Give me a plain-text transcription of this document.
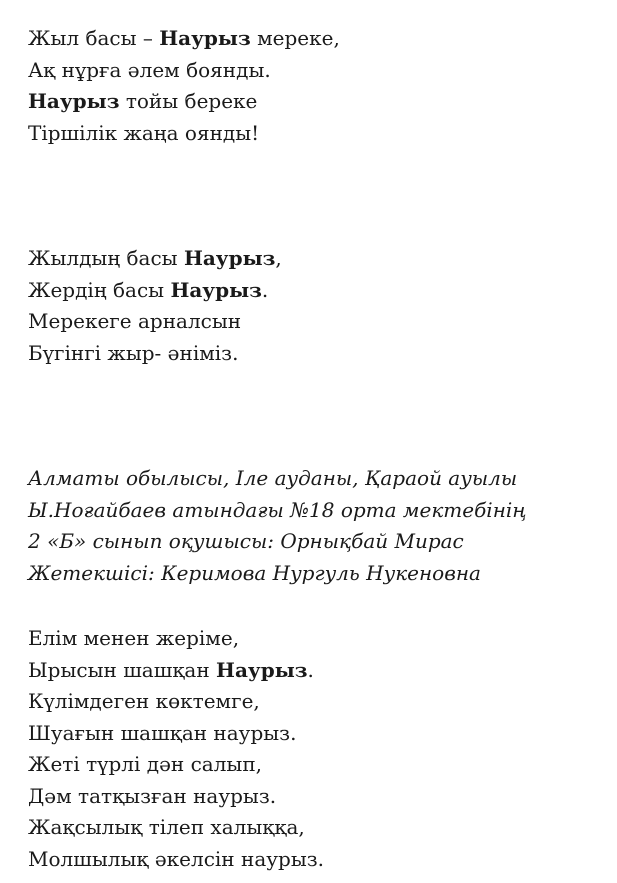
Жыл басы – Наурыз мереке,
Ақ нұрға әлем боянды.
Наурыз тойы береке
Тіршілік жаңа оянды!
Жылдың басы Наурыз,
Жердің басы Наурыз.
Мерекеге арналсын
Бүгінгі жыр- әніміз.
Алматы обылысы, Іле ауданы, Қараой ауылы
Ы.Ноғайбаев атындағы №18 орта мектебінің
2 «Б» сынып оқушысы: Орнықбай Мирас
Жетекшісі: Керимова Нургуль Нукеновна
Елім менен жеріме,
Ырысын шашқан Наурыз.
Күлімдеген көктемге,
Шуағын шашқан наурыз.
Жеті түрлі дән салып,
Дәм татқызған наурыз.
Жақсылық тілеп халыққа,
Молшылық әкелсін наурыз.
